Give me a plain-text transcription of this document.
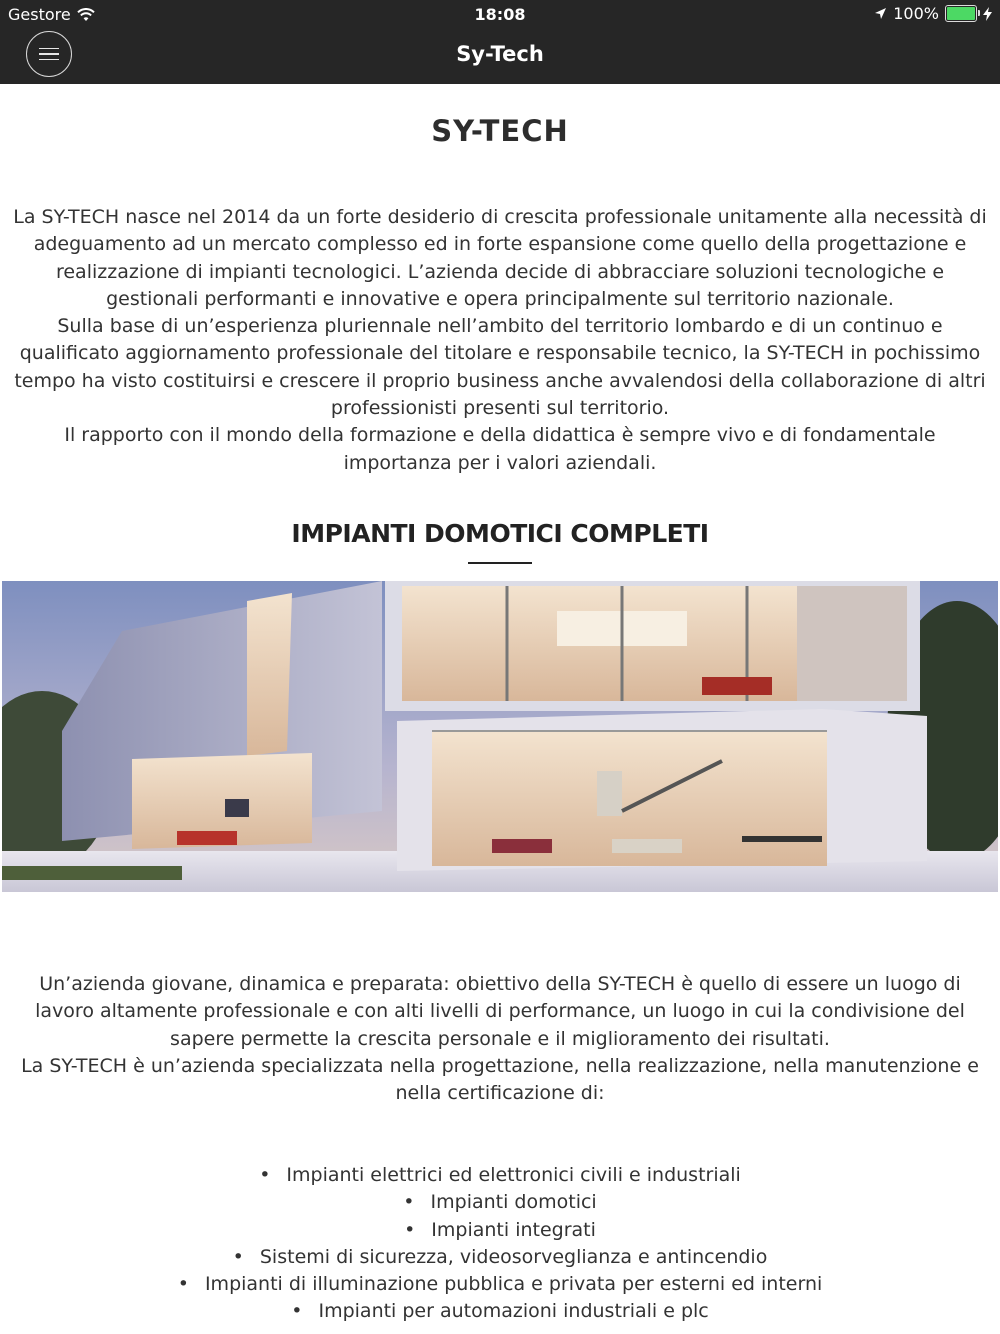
Gestore	18:08	100%
Sy-Tech
SY-TECH
La SY-TECH nasce nel 2014 da un forte desiderio di crescita professionale unitamente alla necessità di adeguamento ad un mercato complesso ed in forte espansione come quello della progettazione e realizzazione di impianti tecnologici. L’azienda decide di abbracciare soluzioni tecnologiche e gestionali performanti e innovative e opera principalmente sul territorio nazionale.
Sulla base di un’esperienza pluriennale nell’ambito del territorio lombardo e di un continuo e qualificato aggiornamento professionale del titolare e responsabile tecnico, la SY-TECH in pochissimo tempo ha visto costituirsi e crescere il proprio business anche avvalendosi della collaborazione di altri professionisti presenti sul territorio.
Il rapporto con il mondo della formazione e della didattica è sempre vivo e di fondamentale importanza per i valori aziendali.
IMPIANTI DOMOTICI COMPLETI
Un’azienda giovane, dinamica e preparata: obiettivo della SY-TECH è quello di essere un luogo di lavoro altamente professionale e con alti livelli di performance, un luogo in cui la condivisione del sapere permette la crescita personale e il miglioramento dei risultati.
La SY-TECH è un’azienda specializzata nella progettazione, nella realizzazione, nella manutenzione e nella certificazione di:
• Impianti elettrici ed elettronici civili e industriali
• Impianti domotici
• Impianti integrati
• Sistemi di sicurezza, videosorveglianza e antincendio
• Impianti di illuminazione pubblica e privata per esterni ed interni
• Impianti per automazioni industriali e plc
